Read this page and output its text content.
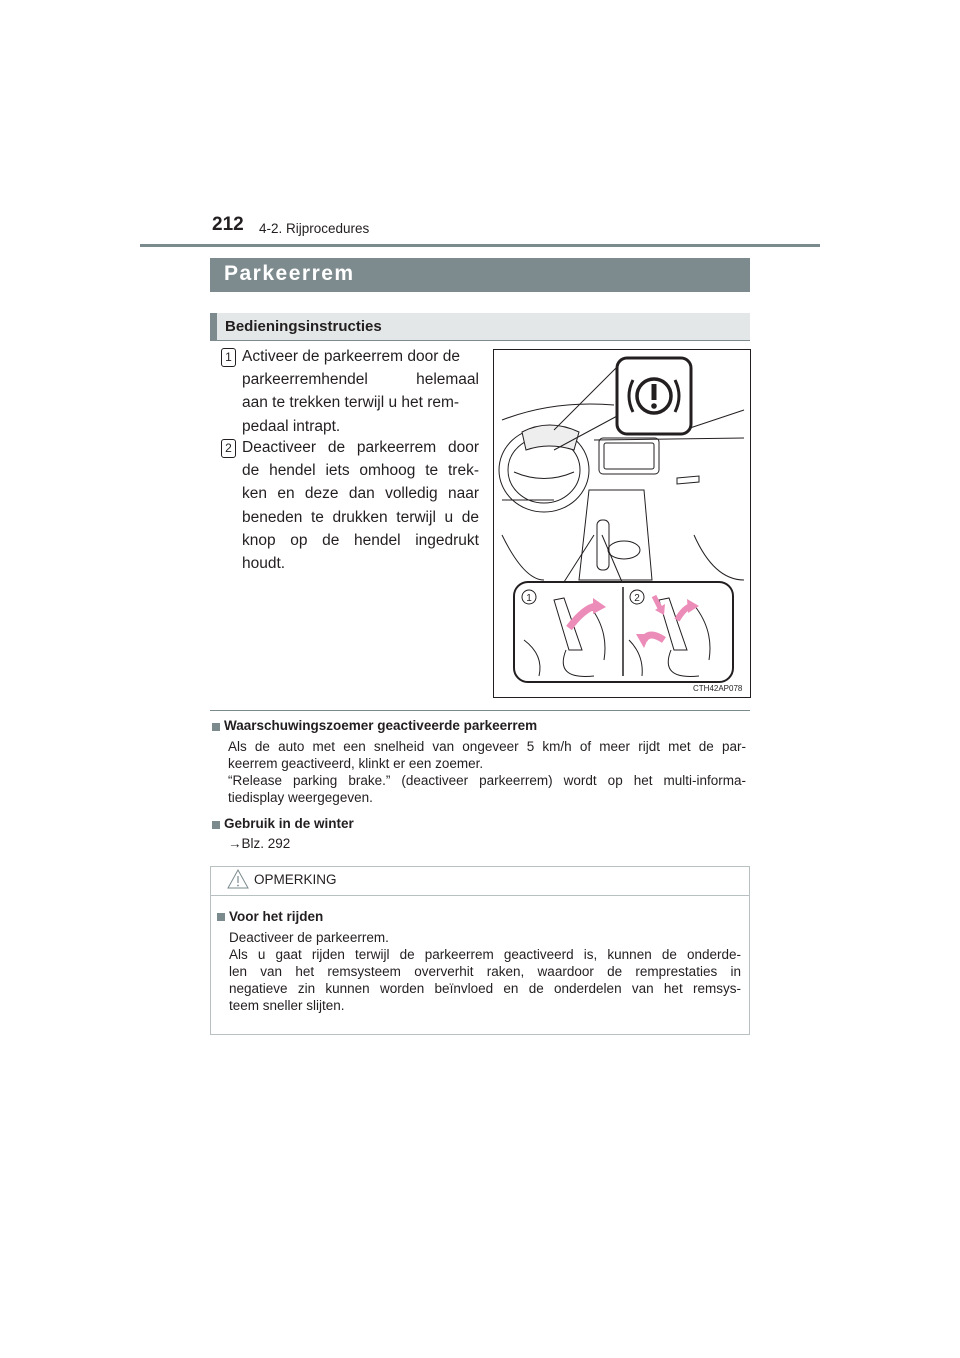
212 4-2. Rijprocedures
Parkeerrem
Bedieningsinstructies
1 Activeer de parkeerrem door de
parkeerremhendel helemaal
aan te trekken terwijl u het rem-
pedaal intrapt.
2 Deactiveer de parkeerrem door
de hendel iets omhoog te trek-
ken en deze dan volledig naar
beneden te drukken terwijl u de
knop op de hendel ingedrukt
houdt.
1	2
CTH42AP078
Waarschuwingszoemer geactiveerde parkeerrem
Als de auto met een snelheid van ongeveer 5 km/h of meer rijdt met de par-
keerrem geactiveerd, klinkt er een zoemer.
“Release parking brake.” (deactiveer parkeerrem) wordt op het multi-informa-
tiedisplay weergegeven.
Gebruik in de winter
→Blz. 292
OPMERKING
Voor het rijden
Deactiveer de parkeerrem.
Als u gaat rijden terwijl de parkeerrem geactiveerd is, kunnen de onderde-
len van het remsysteem oververhit raken, waardoor de remprestaties in
negatieve zin kunnen worden beïnvloed en de onderdelen van het remsys-
teem sneller slijten.
